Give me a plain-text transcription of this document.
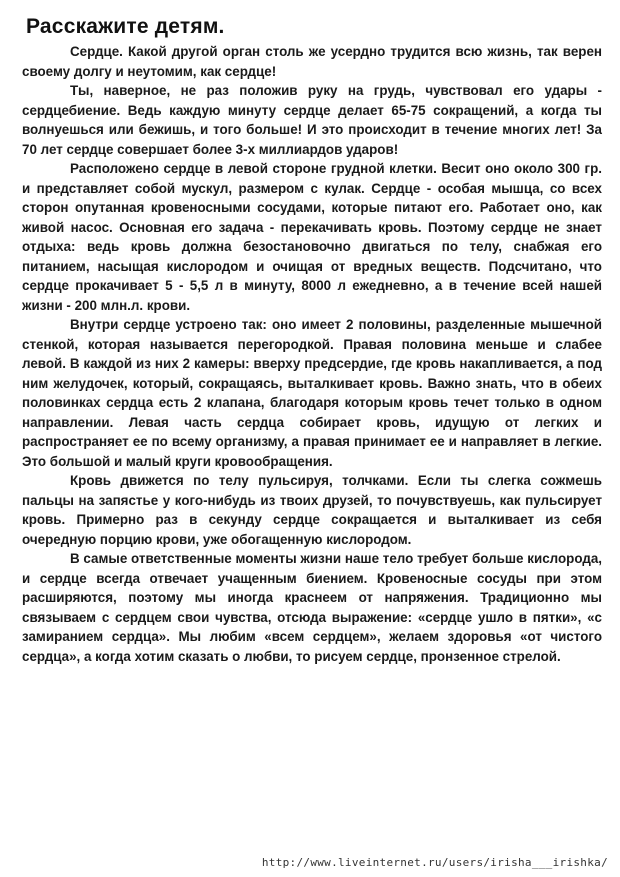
Расскажите детям.

Сердце. Какой другой орган столь же усердно трудится всю жизнь, так верен своему долгу и неутомим, как сердце!

Ты, наверное, не раз положив руку на грудь, чувствовал его удары - сердцебиение. Ведь каждую минуту сердце делает 65-75 сокращений, а когда ты волнуешься или бежишь, и того больше! И это происходит в течение многих лет! За 70 лет сердце совершает более 3-х миллиардов ударов!

Расположено сердце в левой стороне грудной клетки. Весит оно около 300 гр. и представляет собой мускул, размером с кулак. Сердце - особая мышца, со всех сторон опутанная кровеносными сосудами, которые питают его. Работает оно, как живой насос. Основная его задача - перекачивать кровь. Поэтому сердце не знает отдыха: ведь кровь должна безостановочно двигаться по телу, снабжая его питанием, насыщая кислородом и очищая от вредных веществ. Подсчитано, что сердце прокачивает 5 - 5,5 л в минуту, 8000 л ежедневно, а в течение всей нашей жизни - 200 млн.л. крови.

Внутри сердце устроено так: оно имеет 2 половины, разделенные мышечной стенкой, которая называется перегородкой. Правая половина меньше и слабее левой. В каждой из них 2 камеры: вверху предсердие, где кровь накапливается, а под ним желудочек, который, сокращаясь, выталкивает кровь. Важно знать, что в обеих половинках сердца есть 2 клапана, благодаря которым кровь течет только в одном направлении. Левая часть сердца собирает кровь, идущую от легких и распространяет ее по всему организму, а правая принимает ее и направляет в легкие. Это большой и малый круги кровообращения.

Кровь движется по телу пульсируя, толчками. Если ты слегка сожмешь пальцы на запястье у кого-нибудь из твоих друзей, то почувствуешь, как пульсирует кровь. Примерно раз в секунду сердце сокращается и выталкивает из себя очередную порцию крови, уже обогащенную кислородом.

В самые ответственные моменты жизни наше тело требует больше кислорода, и сердце всегда отвечает учащенным биением. Кровеносные сосуды при этом расширяются, поэтому мы иногда краснеем от напряжения. Традиционно мы связываем с сердцем свои чувства, отсюда выражение: «сердце ушло в пятки», «с замиранием сердца». Мы любим «всем сердцем», желаем здоровья «от чистого сердца», а когда хотим сказать о любви, то рисуем сердце, пронзенное стрелой.

http://www.liveinternet.ru/users/irisha___irishka/
